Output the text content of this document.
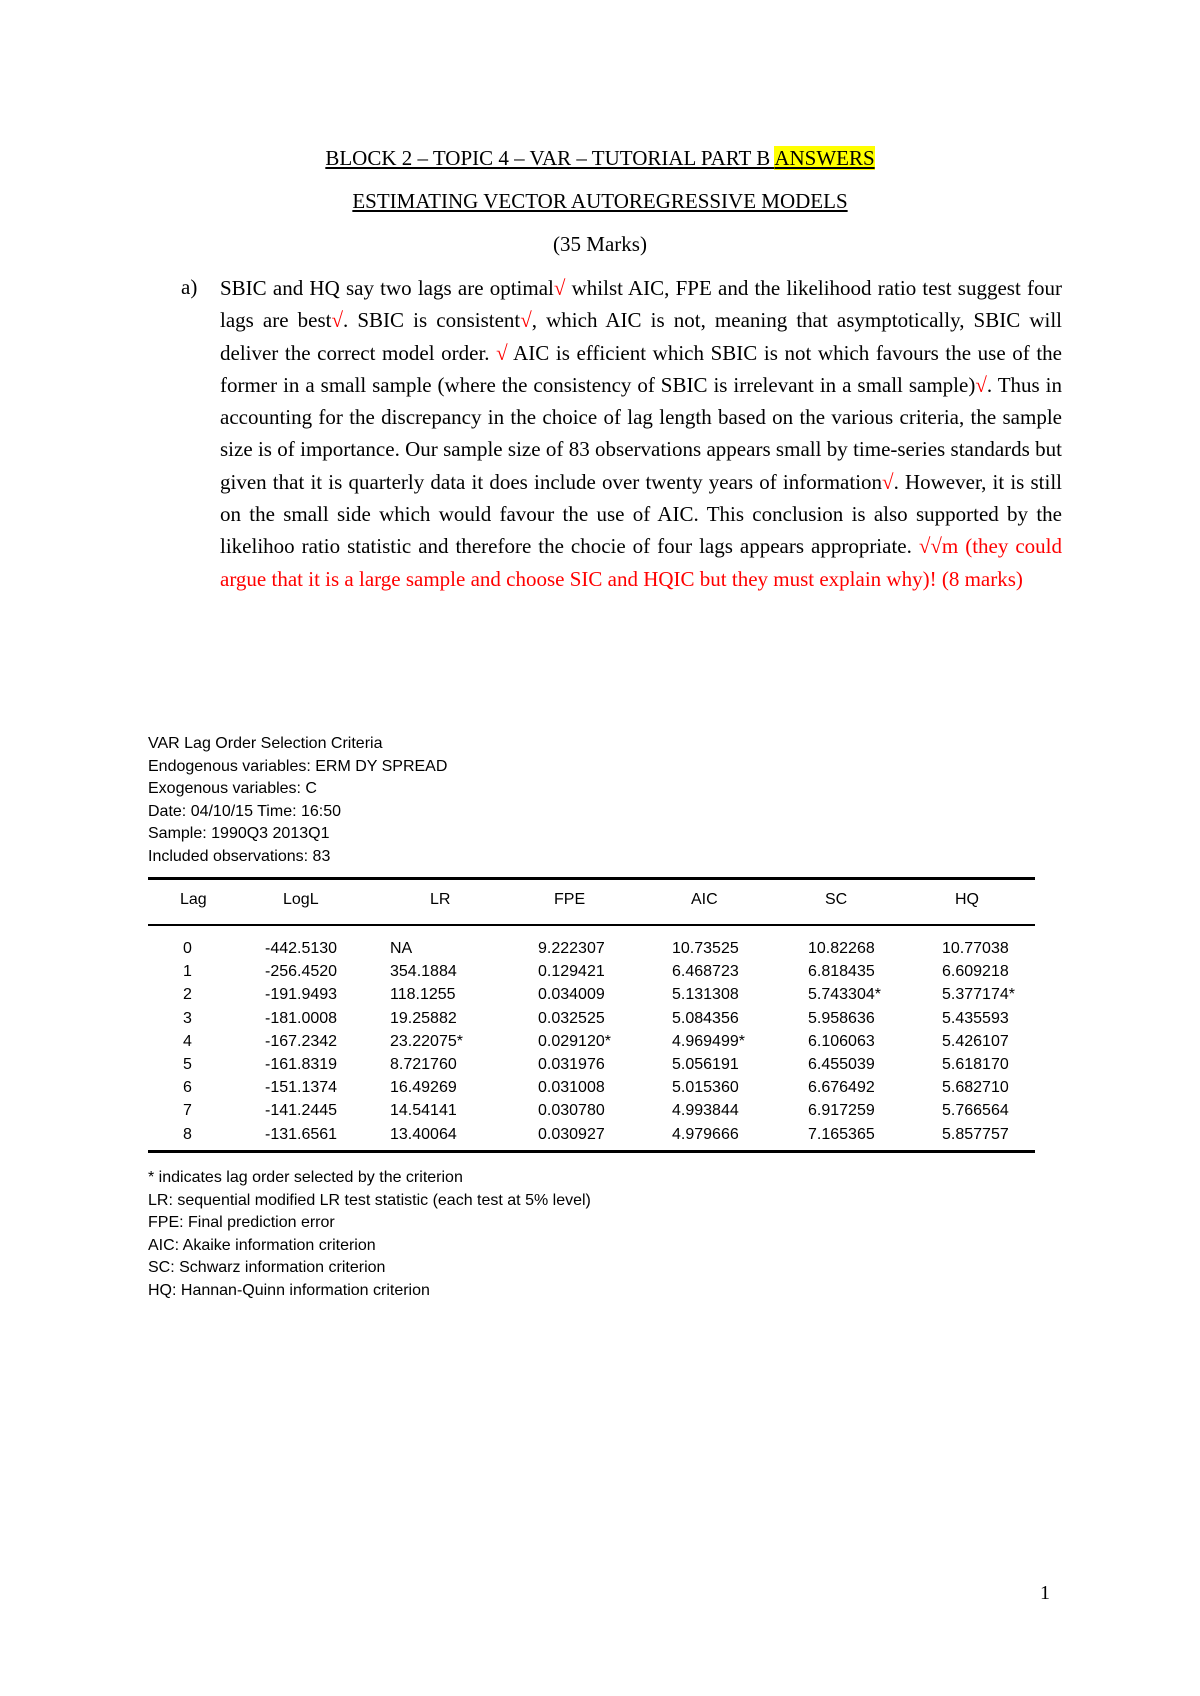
BLOCK 2 – TOPIC 4 – VAR – TUTORIAL PART B ANSWERS
ESTIMATING VECTOR AUTOREGRESSIVE MODELS
(35 Marks)
a) SBIC and HQ say two lags are optimal√ whilst AIC, FPE and the likelihood ratio test suggest four lags are best√. SBIC is consistent√, which AIC is not, meaning that asymptotically, SBIC will deliver the correct model order. √ AIC is efficient which SBIC is not which favours the use of the former in a small sample (where the consistency of SBIC is irrelevant in a small sample)√. Thus in accounting for the discrepancy in the choice of lag length based on the various criteria, the sample size is of importance. Our sample size of 83 observations appears small by time-series standards but given that it is quarterly data it does include over twenty years of information√. However, it is still on the small side which would favour the use of AIC. This conclusion is also supported by the likelihoo ratio statistic and therefore the chocie of four lags appears appropriate. √√m (they could argue that it is a large sample and choose SIC and HQIC but they must explain why)! (8 marks)
VAR Lag Order Selection Criteria
Endogenous variables: ERM DY SPREAD
Exogenous variables: C
Date: 04/10/15 Time: 16:50
Sample: 1990Q3 2013Q1
Included observations: 83
Lag	LogL	LR	FPE	AIC	SC	HQ
0	-442.5130	NA	9.222307	10.73525	10.82268	10.77038
1	-256.4520	354.1884	0.129421	6.468723	6.818435	6.609218
2	-191.9493	118.1255	0.034009	5.131308	5.743304*	5.377174*
3	-181.0008	19.25882	0.032525	5.084356	5.958636	5.435593
4	-167.2342	23.22075*	0.029120*	4.969499*	6.106063	5.426107
5	-161.8319	8.721760	0.031976	5.056191	6.455039	5.618170
6	-151.1374	16.49269	0.031008	5.015360	6.676492	5.682710
7	-141.2445	14.54141	0.030780	4.993844	6.917259	5.766564
8	-131.6561	13.40064	0.030927	4.979666	7.165365	5.857757
* indicates lag order selected by the criterion
LR: sequential modified LR test statistic (each test at 5% level)
FPE: Final prediction error
AIC: Akaike information criterion
SC: Schwarz information criterion
HQ: Hannan-Quinn information criterion
1
